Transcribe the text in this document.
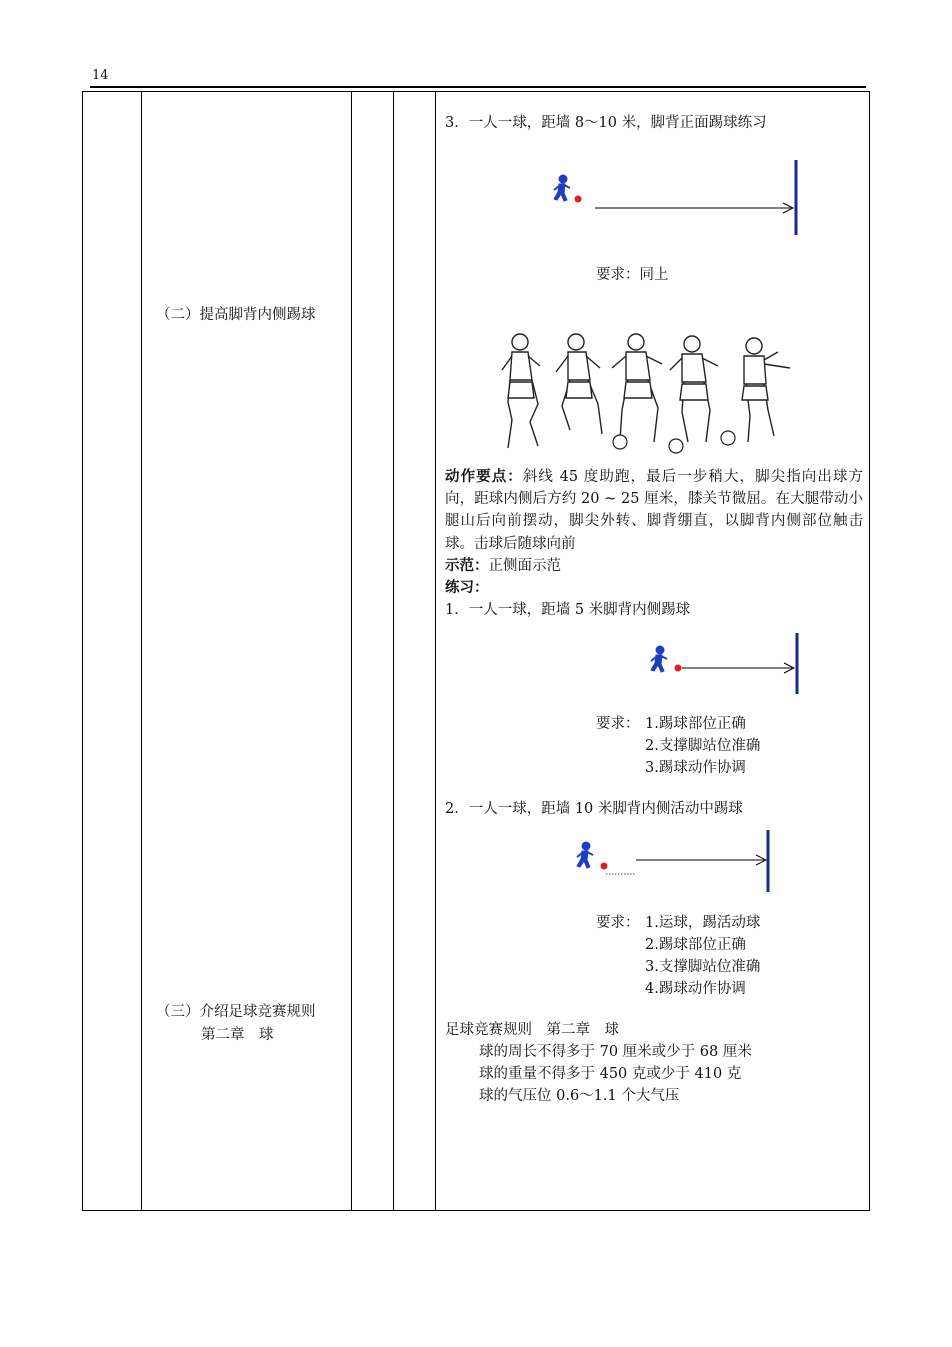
14
（二）提高脚背内侧踢球
（三）介绍足球竞赛规则
第二章　球
3．一人一球，距墙 8～10 米，脚背正面踢球练习
要求：同上
动作要点：斜线 45 度助跑，最后一步稍大，脚尖指向出球方向，距球内侧后方约 20 ~ 25 厘米，膝关节微屈。在大腿带动小腿山后向前摆动，脚尖外转、脚背绷直，以脚背内侧部位触击球。击球后随球向前
示范：正侧面示范
练习：
1．一人一球，距墙 5 米脚背内侧踢球
要求： 1.踢球部位正确
2.支撑脚站位准确
3.踢球动作协调
2．一人一球，距墙 10 米脚背内侧活动中踢球
要求： 1.运球，踢活动球
2.踢球部位正确
3.支撑脚站位准确
4.踢球动作协调
足球竞赛规则　第二章　球
球的周长不得多于 70 厘米或少于 68 厘米
球的重量不得多于 450 克或少于 410 克
球的气压位 0.6～1.1 个大气压
